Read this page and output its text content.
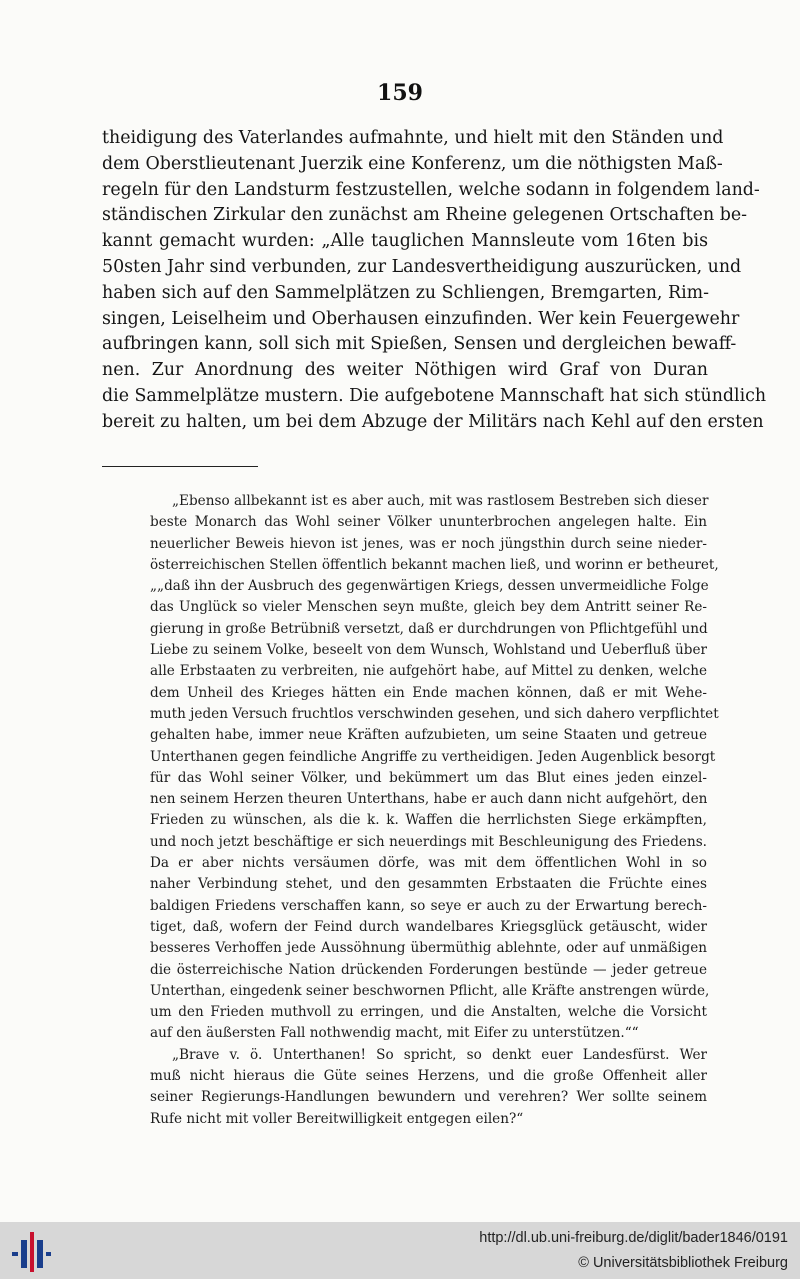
159
theidigung des Vaterlandes aufmahnte, und hielt mit den Ständen und
dem Oberstlieutenant Juerzik eine Konferenz, um die nöthigsten Maß-
regeln für den Landsturm festzustellen, welche sodann in folgendem land-
ständischen Zirkular den zunächst am Rheine gelegenen Ortschaften be-
kannt gemacht wurden: „Alle tauglichen Mannsleute vom 16ten bis
50sten Jahr sind verbunden, zur Landesvertheidigung auszurücken, und
haben sich auf den Sammelplätzen zu Schliengen, Bremgarten, Rim-
singen, Leiselheim und Oberhausen einzufinden. Wer kein Feuergewehr
aufbringen kann, soll sich mit Spießen, Sensen und dergleichen bewaff-
nen. Zur Anordnung des weiter Nöthigen wird Graf von Duran
die Sammelplätze mustern. Die aufgebotene Mannschaft hat sich stündlich
bereit zu halten, um bei dem Abzuge der Militärs nach Kehl auf den ersten
„Ebenso allbekannt ist es aber auch, mit was rastlosem Bestreben sich dieser
beste Monarch das Wohl seiner Völker ununterbrochen angelegen halte. Ein
neuerlicher Beweis hievon ist jenes, was er noch jüngsthin durch seine nieder-
österreichischen Stellen öffentlich bekannt machen ließ, und worinn er betheuret,
„„daß ihn der Ausbruch des gegenwärtigen Kriegs, dessen unvermeidliche Folge
das Unglück so vieler Menschen seyn mußte, gleich bey dem Antritt seiner Re-
gierung in große Betrübniß versetzt, daß er durchdrungen von Pflichtgefühl und
Liebe zu seinem Volke, beseelt von dem Wunsch, Wohlstand und Ueberfluß über
alle Erbstaaten zu verbreiten, nie aufgehört habe, auf Mittel zu denken, welche
dem Unheil des Krieges hätten ein Ende machen können, daß er mit Wehe-
muth jeden Versuch fruchtlos verschwinden gesehen, und sich dahero verpflichtet
gehalten habe, immer neue Kräften aufzubieten, um seine Staaten und getreue
Unterthanen gegen feindliche Angriffe zu vertheidigen. Jeden Augenblick besorgt
für das Wohl seiner Völker, und bekümmert um das Blut eines jeden einzel-
nen seinem Herzen theuren Unterthans, habe er auch dann nicht aufgehört, den
Frieden zu wünschen, als die k. k. Waffen die herrlichsten Siege erkämpften,
und noch jetzt beschäftige er sich neuerdings mit Beschleunigung des Friedens.
Da er aber nichts versäumen dörfe, was mit dem öffentlichen Wohl in so
naher Verbindung stehet, und den gesammten Erbstaaten die Früchte eines
baldigen Friedens verschaffen kann, so seye er auch zu der Erwartung berech-
tiget, daß, wofern der Feind durch wandelbares Kriegsglück getäuscht, wider
besseres Verhoffen jede Aussöhnung übermüthig ablehnte, oder auf unmäßigen
die österreichische Nation drückenden Forderungen bestünde — jeder getreue
Unterthan, eingedenk seiner beschwornen Pflicht, alle Kräfte anstrengen würde,
um den Frieden muthvoll zu erringen, und die Anstalten, welche die Vorsicht
auf den äußersten Fall nothwendig macht, mit Eifer zu unterstützen.““
„Brave v. ö. Unterthanen! So spricht, so denkt euer Landesfürst. Wer
muß nicht hieraus die Güte seines Herzens, und die große Offenheit aller
seiner Regierungs-Handlungen bewundern und verehren? Wer sollte seinem
Rufe nicht mit voller Bereitwilligkeit entgegen eilen?“
http://dl.ub.uni-freiburg.de/diglit/bader1846/0191
© Universitätsbibliothek Freiburg
